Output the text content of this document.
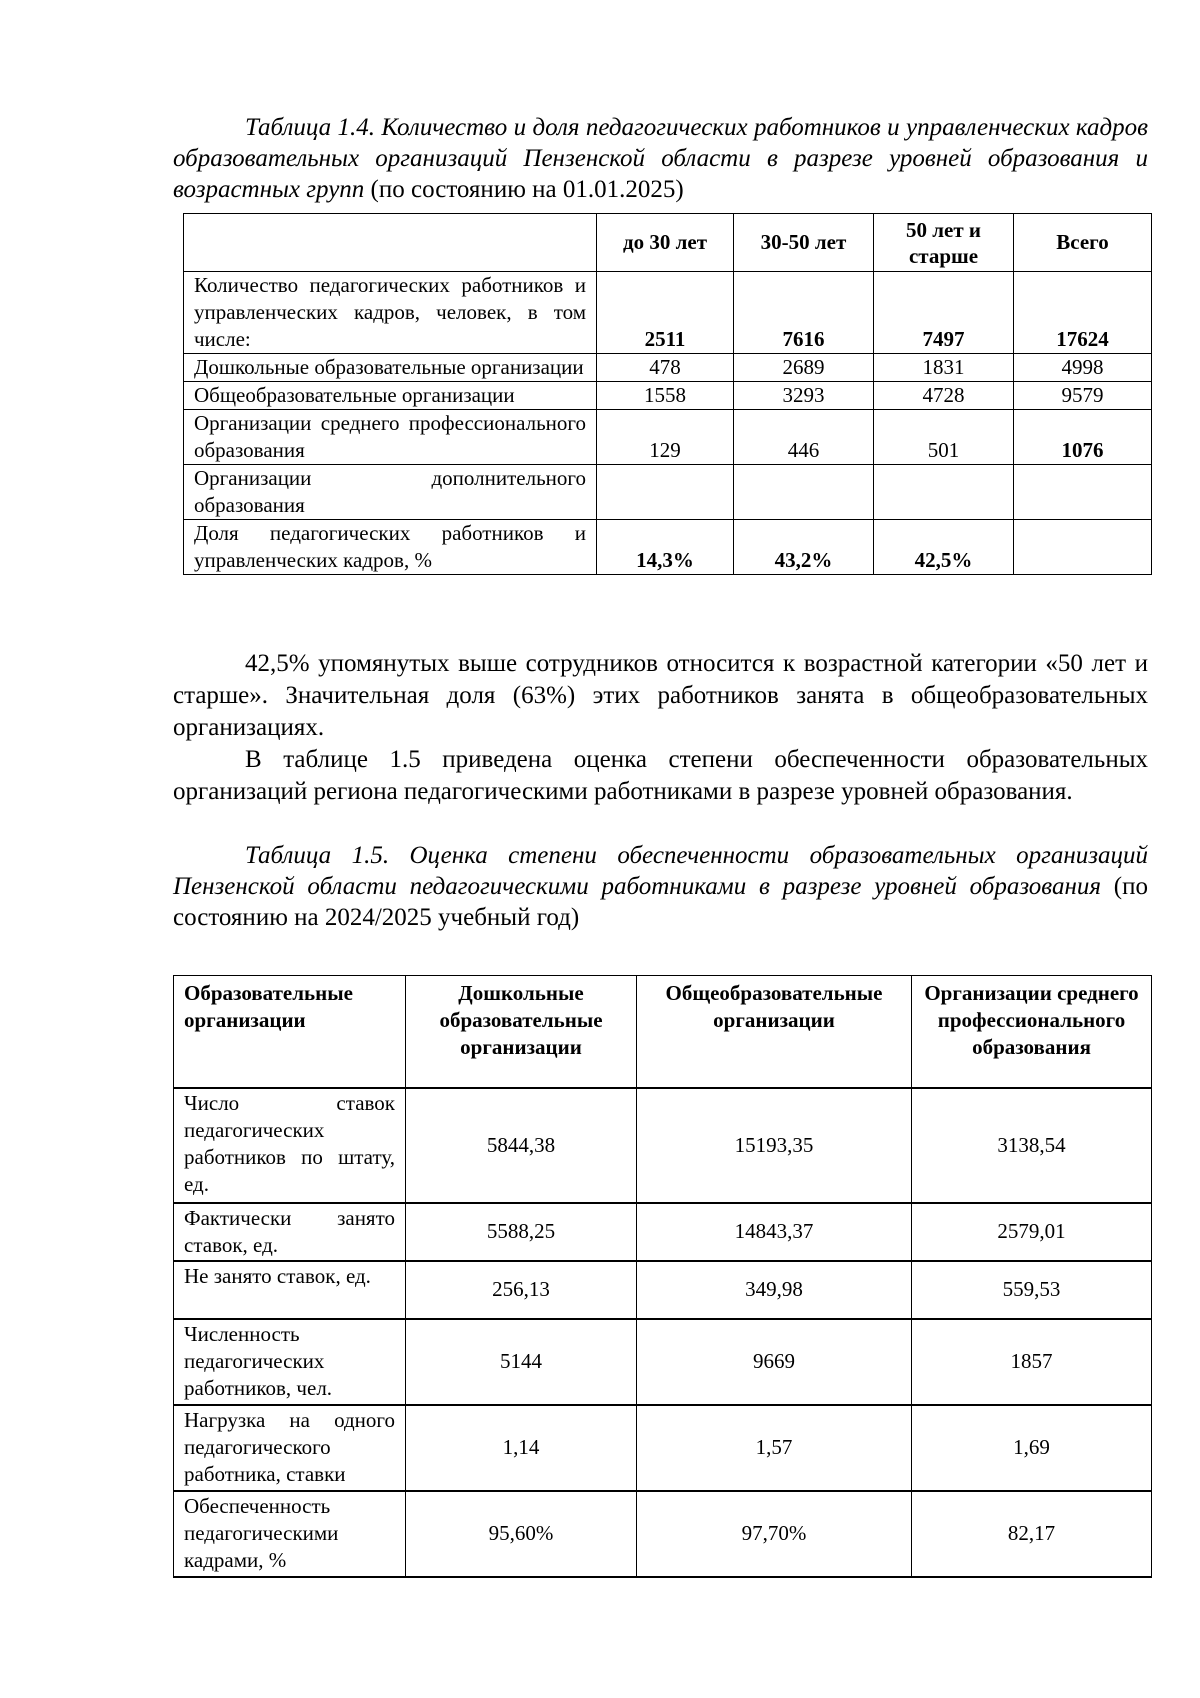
Таблица 1.4. Количество и доля педагогических работников и управленческих кадров образовательных организаций Пензенской области в разрезе уровней образования и возрастных групп (по состоянию на 01.01.2025)

	до 30 лет	30-50 лет	50 лет и старше	Всего
Количество педагогических работников и управленческих кадров, человек, в том числе:	2511	7616	7497	17624
Дошкольные образовательные организации	478	2689	1831	4998
Общеобразовательные организации	1558	3293	4728	9579
Организации среднего профессионального образования	129	446	501	1076
Организации дополнительного образования				
Доля педагогических работников и управленческих кадров, %	14,3%	43,2%	42,5%	

42,5% упомянутых выше сотрудников относится к возрастной категории «50 лет и старше». Значительная доля (63%) этих работников занята в общеобразовательных организациях.

В таблице 1.5 приведена оценка степени обеспеченности образовательных организаций региона педагогическими работниками в разрезе уровней образования.

Таблица 1.5. Оценка степени обеспеченности образовательных организаций Пензенской области педагогическими работниками в разрезе уровней образования (по состоянию на 2024/2025 учебный год)

Образовательные организации	Дошкольные образовательные организации	Общеобразовательные организации	Организации среднего профессионального образования
Число ставок педагогических работников по штату, ед.	5844,38	15193,35	3138,54
Фактически занято ставок, ед.	5588,25	14843,37	2579,01
Не занято ставок, ед.	256,13	349,98	559,53
Численность педагогических работников, чел.	5144	9669	1857
Нагрузка на одного педагогического работника, ставки	1,14	1,57	1,69
Обеспеченность педагогическими кадрами, %	95,60%	97,70%	82,17
